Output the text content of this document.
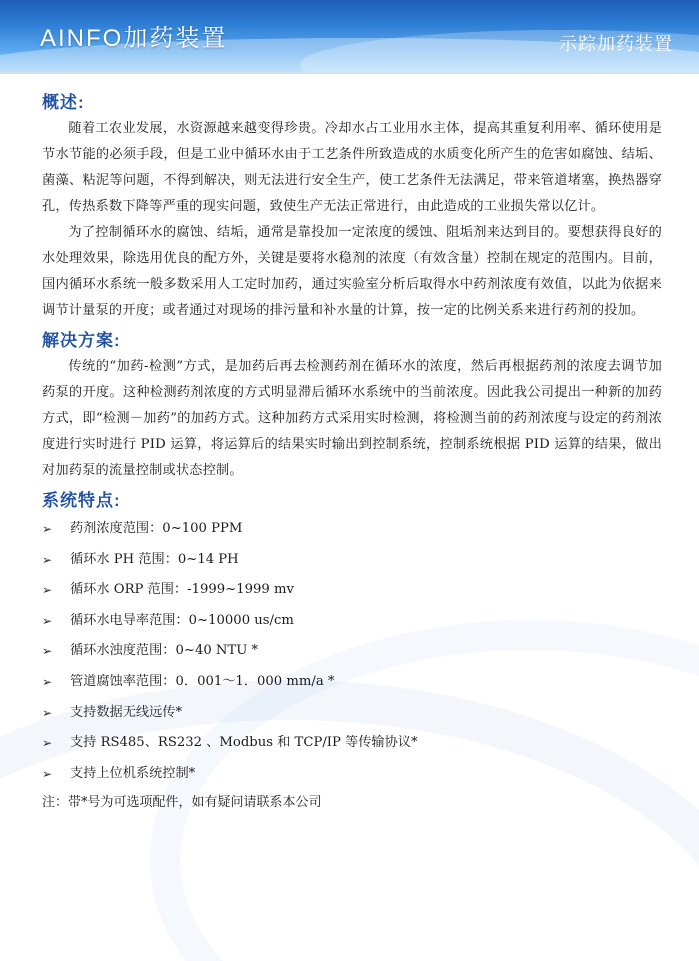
AINFO加药装置	示踪加药装置
概述:

随着工农业发展，水资源越来越变得珍贵。冷却水占工业用水主体，提高其重复利用率、循环使用是节水节能的必须手段，但是工业中循环水由于工艺条件所致造成的水质变化所产生的危害如腐蚀、结垢、菌藻、粘泥等问题，不得到解决，则无法进行安全生产，使工艺条件无法满足，带来管道堵塞，换热器穿孔，传热系数下降等严重的现实问题，致使生产无法正常进行，由此造成的工业损失常以亿计。

为了控制循环水的腐蚀、结垢，通常是靠投加一定浓度的缓蚀、阻垢剂来达到目的。要想获得良好的水处理效果，除选用优良的配方外，关键是要将水稳剂的浓度（有效含量）控制在规定的范围内。目前，国内循环水系统一般多数采用人工定时加药，通过实验室分析后取得水中药剂浓度有效值，以此为依据来调节计量泵的开度；或者通过对现场的排污量和补水量的计算，按一定的比例关系来进行药剂的投加。

解决方案:

传统的“加药-检测”方式，是加药后再去检测药剂在循环水的浓度，然后再根据药剂的浓度去调节加药泵的开度。这种检测药剂浓度的方式明显滞后循环水系统中的当前浓度。因此我公司提出一种新的加药方式，即“检测－加药”的加药方式。这种加药方式采用实时检测，将检测当前的药剂浓度与设定的药剂浓度进行实时进行 PID 运算，将运算后的结果实时输出到控制系统，控制系统根据 PID 运算的结果，做出对加药泵的流量控制或状态控制。

系统特点:
➢ 药剂浓度范围：0~100 PPM
➢ 循环水 PH 范围：0~14 PH
➢ 循环水 ORP 范围：-1999~1999 mv
➢ 循环水电导率范围：0~10000 us/cm
➢ 循环水浊度范围：0~40 NTU *
➢ 管道腐蚀率范围：0．001～1．000 mm/a *
➢ 支持数据无线远传*
➢ 支持 RS485、RS232 、Modbus 和 TCP/IP 等传输协议*
➢ 支持上位机系统控制*
注：带*号为可选项配件，如有疑问请联系本公司
